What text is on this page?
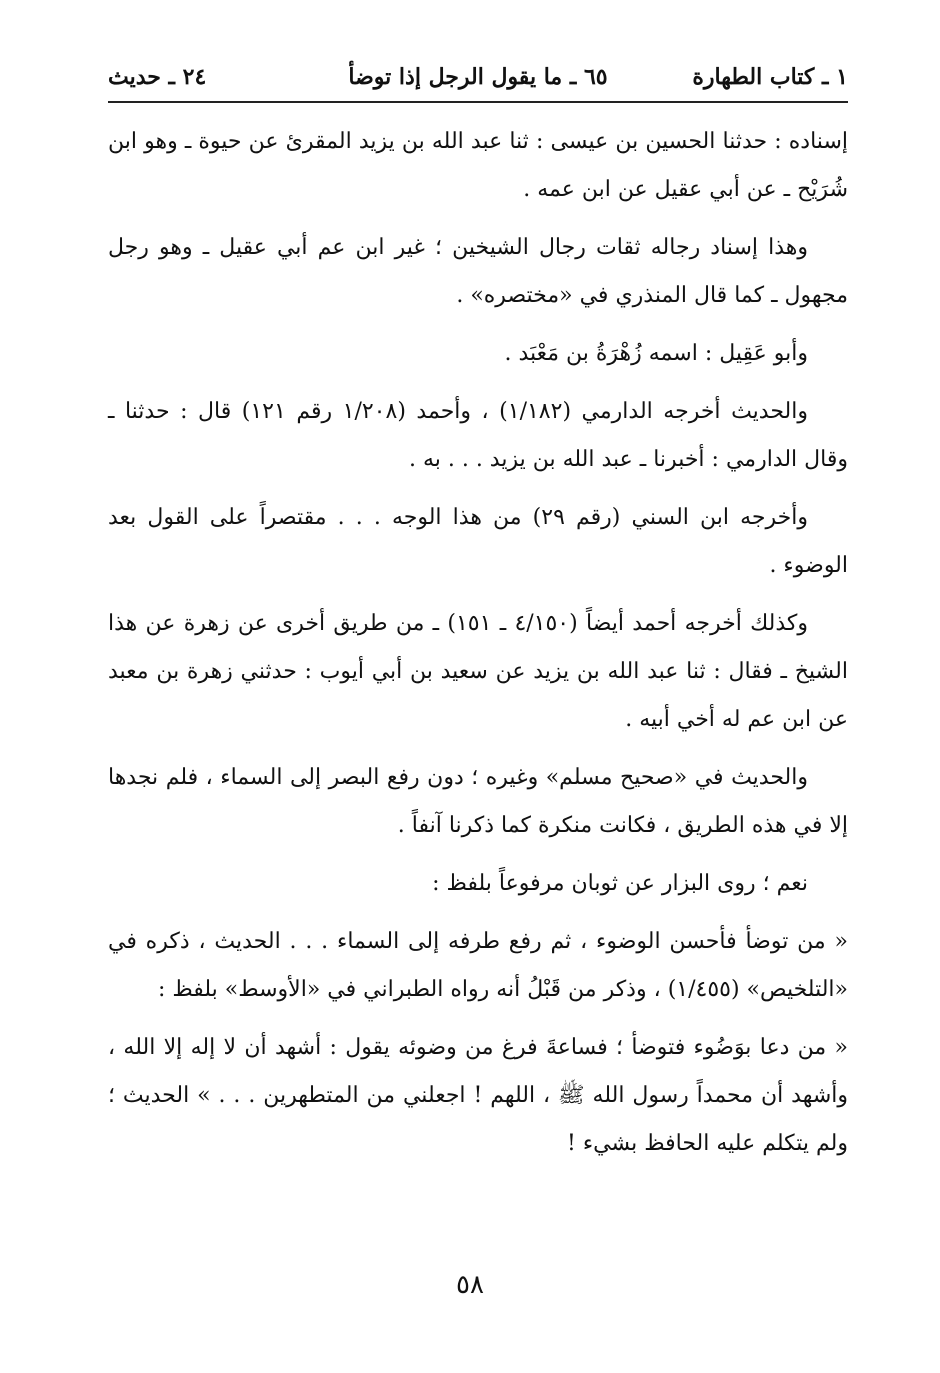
١ ـ كتاب الطهارة
٦٥ ـ ما يقول الرجل إذا توضأ
٢٤ ـ حديث

إسناده : حدثنا الحسين بن عيسى : ثنا عبد الله بن يزيد المقرئ عن حيوة ـ وهو ابن شُرَيْح ـ عن أبي عقيل عن ابن عمه .

وهذا إسناد رجاله ثقات رجال الشيخين ؛ غير ابن عم أبي عقيل ـ وهو رجل مجهول ـ كما قال المنذري في «مختصره» .

وأبو عَقِيل : اسمه زُهْرَةُ بن مَعْبَد .

والحديث أخرجه الدارمي (١/١٨٢) ، وأحمد (١/٢٠٨ رقم ١٢١) قال : حدثنا ـ وقال الدارمي : أخبرنا ـ عبد الله بن يزيد . . . به .

وأخرجه ابن السني (رقم ٢٩) من هذا الوجه . . . مقتصراً على القول بعد الوضوء .

وكذلك أخرجه أحمد أيضاً (٤/١٥٠ ـ ١٥١) ـ من طريق أخرى عن زهرة عن هذا الشيخ ـ فقال : ثنا عبد الله بن يزيد عن سعيد بن أبي أيوب : حدثني زهرة بن معبد عن ابن عم له أخي أبيه .

والحديث في «صحيح مسلم» وغيره ؛ دون رفع البصر إلى السماء ، فلم نجدها إلا في هذه الطريق ، فكانت منكرة كما ذكرنا آنفاً .

نعم ؛ روى البزار عن ثوبان مرفوعاً بلفظ :

« من توضأ فأحسن الوضوء ، ثم رفع طرفه إلى السماء . . . الحديث ، ذكره في «التلخيص» (١/٤٥٥) ، وذكر من قَبْلُ أنه رواه الطبراني في «الأوسط» بلفظ :

« من دعا بوَضُوء فتوضأ ؛ فساعةَ فرغ من وضوئه يقول : أشهد أن لا إله إلا الله ، وأشهد أن محمداً رسول الله ﷺ ، اللهم ! اجعلني من المتطهرين . . . » الحديث ؛ ولم يتكلم عليه الحافظ بشيء !

٥٨
